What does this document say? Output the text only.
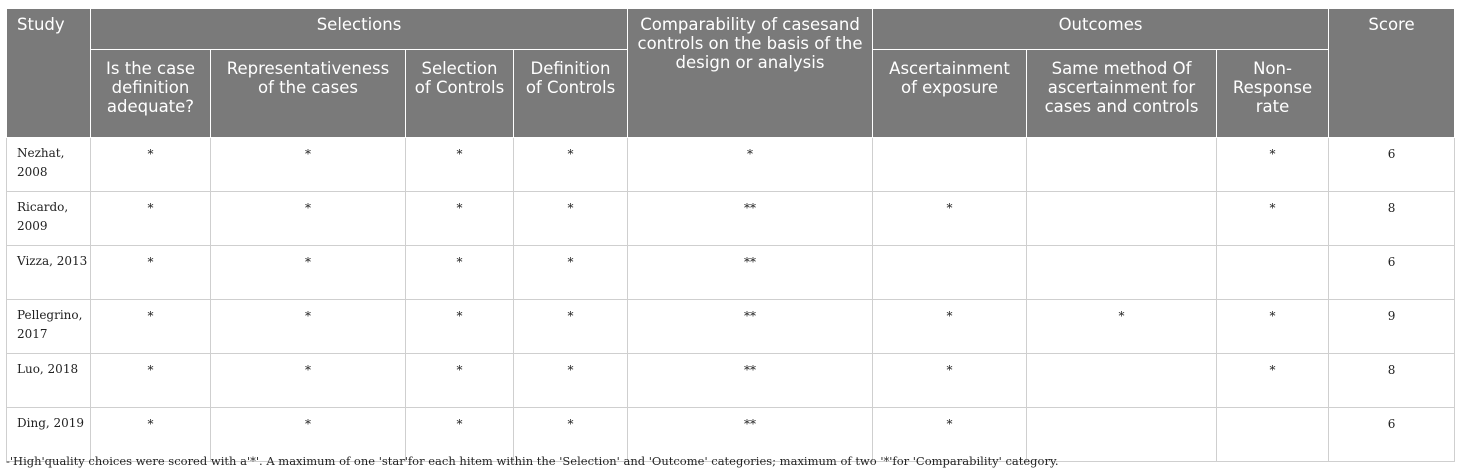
Study	Selections				Comparability of casesand controls on the basis of the design or analysis	Outcomes			Score
	Is the case definition adequate?	Representativeness of the cases	Selection of Controls	Definition of Controls		Ascertainment of exposure	Same method Of ascertainment for cases and controls	Non-Response rate	

Nezhat, 2008	*	*	*	*	*			*	6

Ricardo, 2009	*	*	*	*	**	*		*	8

Vizza, 2013	*	*	*	*	**				6

Pellegrino, 2017	*	*	*	*	**	*	*	*	9

Luo, 2018	*	*	*	*	**	*		*	8

Ding, 2019	*	*	*	*	**	*			6
-'High'quality choices were scored with a'*'. A maximum of one 'star'for each hitem within the 'Selection' and 'Outcome' categories; maximum of two '*'for 'Comparability' category.
